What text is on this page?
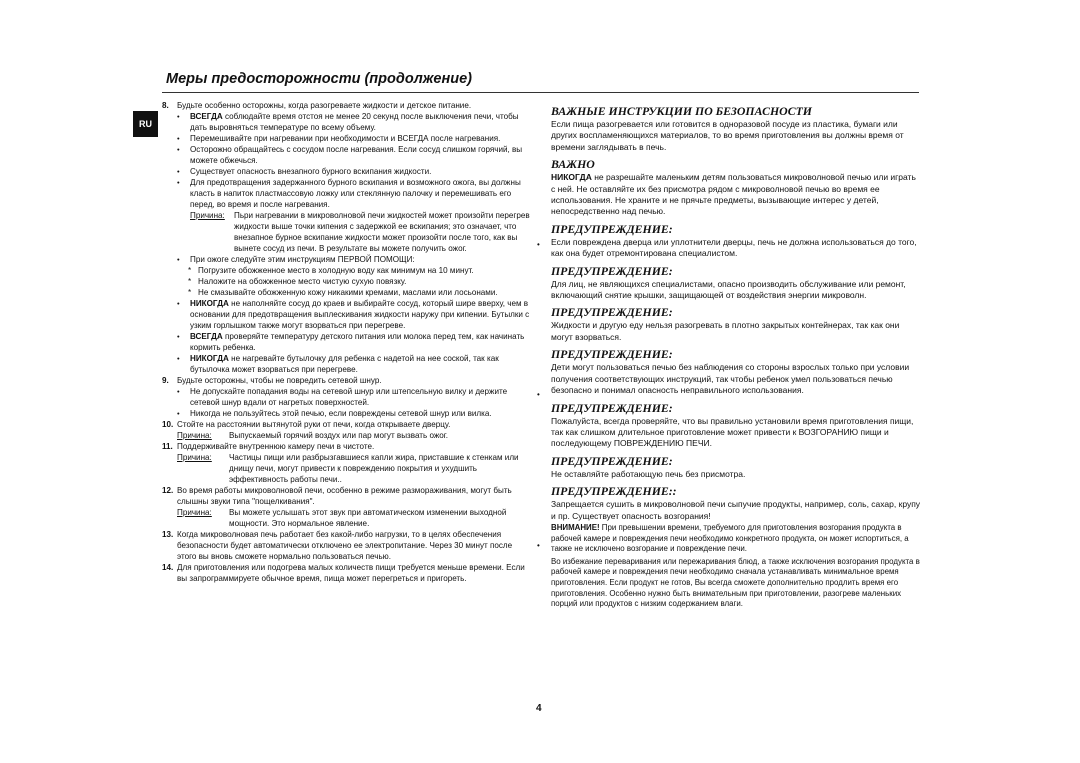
Меры предосторожности (продолжение)
RU
8.	Будьте особенно осторожны, когда разогреваете жидкости и детское питание.
•	ВСЕГДА соблюдайте время отстоя не менее 20 секунд после выключения печи, чтобы дать выровняться температуре по всему объему.
•	Перемешивайте при нагревании при необходимости и ВСЕГДА после нагревания.
•	Осторожно обращайтесь с сосудом после нагревания. Если сосуд слишком горячий, вы можете обжечься.
•	Существует опасность внезапного бурного вскипания жидкости.
•	Для предотвращения задержанного бурного вскипания и возможного ожога, вы должны класть в напиток пластмассовую ложку или стеклянную палочку и перемешивать его перед, во время и после нагревания.
Причина:	Пьри нагревании в микроволновой печи жидкостей может произойти перегрев жидкости выше точки кипения с задержкой ее вскипания; это означает, что внезапное бурное вскипание жидкости может произойти после того, как вы вынете сосуд из печи. В результате вы можете получить ожог.
•	При ожоге следуйте этим инструкциям ПЕРВОЙ ПОМОЩИ:
* Погрузите обожженное место в холодную воду как минимум на 10 минут.
* Наложите на обожженное место чистую сухую повязку.
* Не смазывайте обожженную кожу никакими кремами, маслами или лосьонами.
•	НИКОГДА не наполняйте сосуд до краев и выбирайте сосуд, который шире вверху, чем в основании для предотвращения выплескивания жидкости наружу при кипении. Бутылки с узким горлышком также могут взорваться при перегреве.
•	ВСЕГДА проверяйте температуру детского питания или молока перед тем, как начинать кормить ребенка.
•	НИКОГДА не нагревайте бутылочку для ребенка с надетой на нее соской, так как бутылочка может взорваться при перегреве.
9.	Будьте осторожны, чтобы не повредить сетевой шнур.
•	Не допускайте попадания воды на сетевой шнур или штепсельную вилку и держите сетевой шнур вдали от нагретых поверхностей.
•	Никогда не пользуйтесь этой печью, если повреждены сетевой шнур или вилка.
10. Стойте на расстоянии вытянутой руки от печи, когда открываете дверцу.
Причина:	Выпускаемый горячий воздух или пар могут вызвать ожог.
11. Поддерживайте внутреннюю камеру печи в чистоте.
Причина:	Частицы пищи или разбрызгавшиеся капли жира, приставшие к стенкам или днищу печи, могут привести к повреждению покрытия и ухудшить эффективность работы печи..
12. Во время работы микроволновой печи, особенно в режиме размораживания, могут быть слышны звуки типа "пощелкивания".
Причина:	Вы можете услышать этот звук при автоматическом изменении выходной мощности. Это нормальное явление.
13. Когда микроволновая печь работает без какой-либо нагрузки, то в целях обеспечения безопасности будет автоматически отключено ее электропитание. Через 30 минут после этого вы вновь сможете нормально пользоваться печью.
14. Для приготовления или подогрева малых количеств пищи требуется меньше времени. Если вы запрограммируете обычное время, пища может перегреться и пригореть.
ВАЖНЫЕ ИНСТРУКЦИИ ПО БЕЗОПАСНОСТИ

Если пища разогревается или готовится в одноразовой посуде из пластика, бумаги или других воспламеняющихся материалов, то во время приготовления вы должны время от времени заглядывать в печь.

ВАЖНО

НИКОГДА не разрешайте маленьким детям пользоваться микроволновой печью или играть с ней. Не оставляйте их без присмотра рядом с микроволновой печью во время ее использования. Не храните и не прячьте предметы, вызывающие интерес у детей, непосредственно над печью.

ПРЕДУПРЕЖДЕНИЕ:

Если повреждена дверца или уплотнители дверцы, печь не должна использоваться до того, как она будет отремонтирована специалистом.

ПРЕДУПРЕЖДЕНИЕ:

Для лиц, не являющихся специалистами, опасно производить обслуживание или ремонт, включающий снятие крышки, защищающей от воздействия энергии микроволн.

ПРЕДУПРЕЖДЕНИЕ:

Жидкости и другую еду нельзя разогревать в плотно закрытых контейнерах, так как они могут взорваться.

ПРЕДУПРЕЖДЕНИЕ:

Дети могут пользоваться печью без наблюдения со стороны взрослых только при условии получения соответствующих инструкций, так чтобы ребенок умел пользоваться печью безопасно и понимал опасность неправильного использования.

ПРЕДУПРЕЖДЕНИЕ:

Пожалуйста, всегда проверяйте, что вы правильно установили время приготовления пищи, так как слишком длительное приготовление может привести к ВОЗГОРАНИЮ пищи и последующему ПОВРЕЖДЕНИЮ ПЕЧИ.

ПРЕДУПРЕЖДЕНИЕ:

Не оставляйте работающую печь без присмотра.

ПРЕДУПРЕЖДЕНИЕ::

Запрещается сушить в микроволновой печи сыпучие продукты, например, соль, сахар, крупу и пр. Существует опасность возгорания!

ВНИМАНИЕ! При превышении времени, требуемого для приготовления возгорания продукта в рабочей камере и повреждения печи необходимо конкретного продукта, он может испортиться, а также не исключено возгорание и повреждение печи.

Во избежание переваривания или пережаривания блюд, а также исключения возгорания продукта в рабочей камере и повреждения печи необходимо сначала устанавливать минимальное время приготовления. Если продукт не готов, Вы всегда сможете дополнительно продлить время его приготовления. Особенно нужно быть внимательным при приготовлении, разогреве маленьких порций или продуктов с низким содержанием влаги.

•
•
•
4
